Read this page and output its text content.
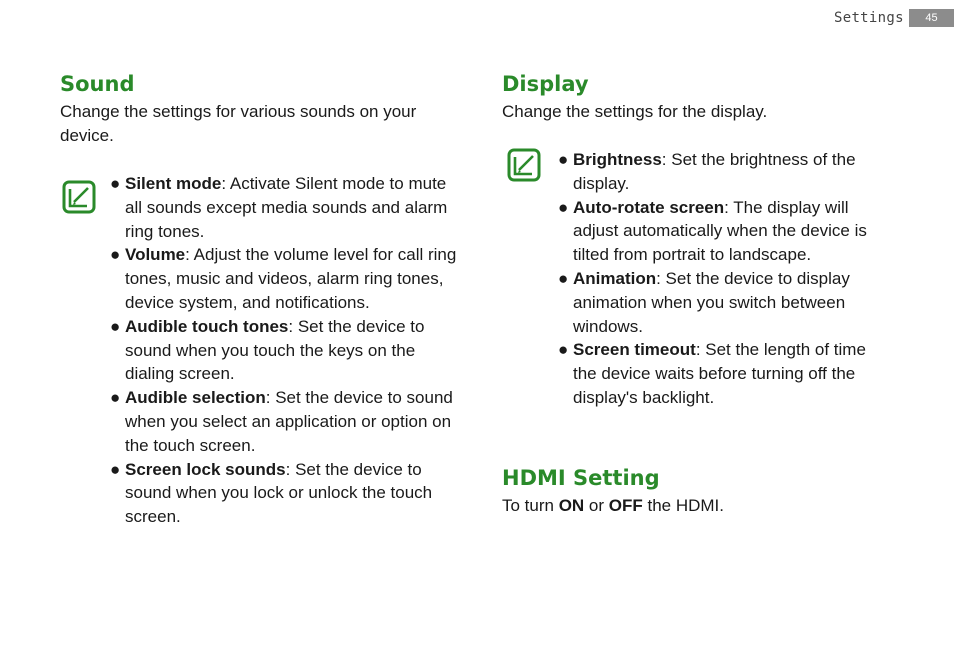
Settings	45
Sound

Change the settings for various sounds on your device.

● Silent mode: Activate Silent mode to mute all sounds except media sounds and alarm ring tones.
● Volume: Adjust the volume level for call ring tones, music and videos, alarm ring tones, device system, and notifications.
● Audible touch tones: Set the device to sound when you touch the keys on the dialing screen.
● Audible selection: Set the device to sound when you select an application or option on the touch screen.
● Screen lock sounds: Set the device to sound when you lock or unlock the touch screen.
Display

Change the settings for the display.

● Brightness: Set the brightness of the display.
● Auto-rotate screen: The display will adjust automatically when the device is tilted from portrait to landscape.
● Animation: Set the device to display animation when you switch between windows.
● Screen timeout: Set the length of time the device waits before turning off the display's backlight.
HDMI Setting

To turn ON or OFF the HDMI.
